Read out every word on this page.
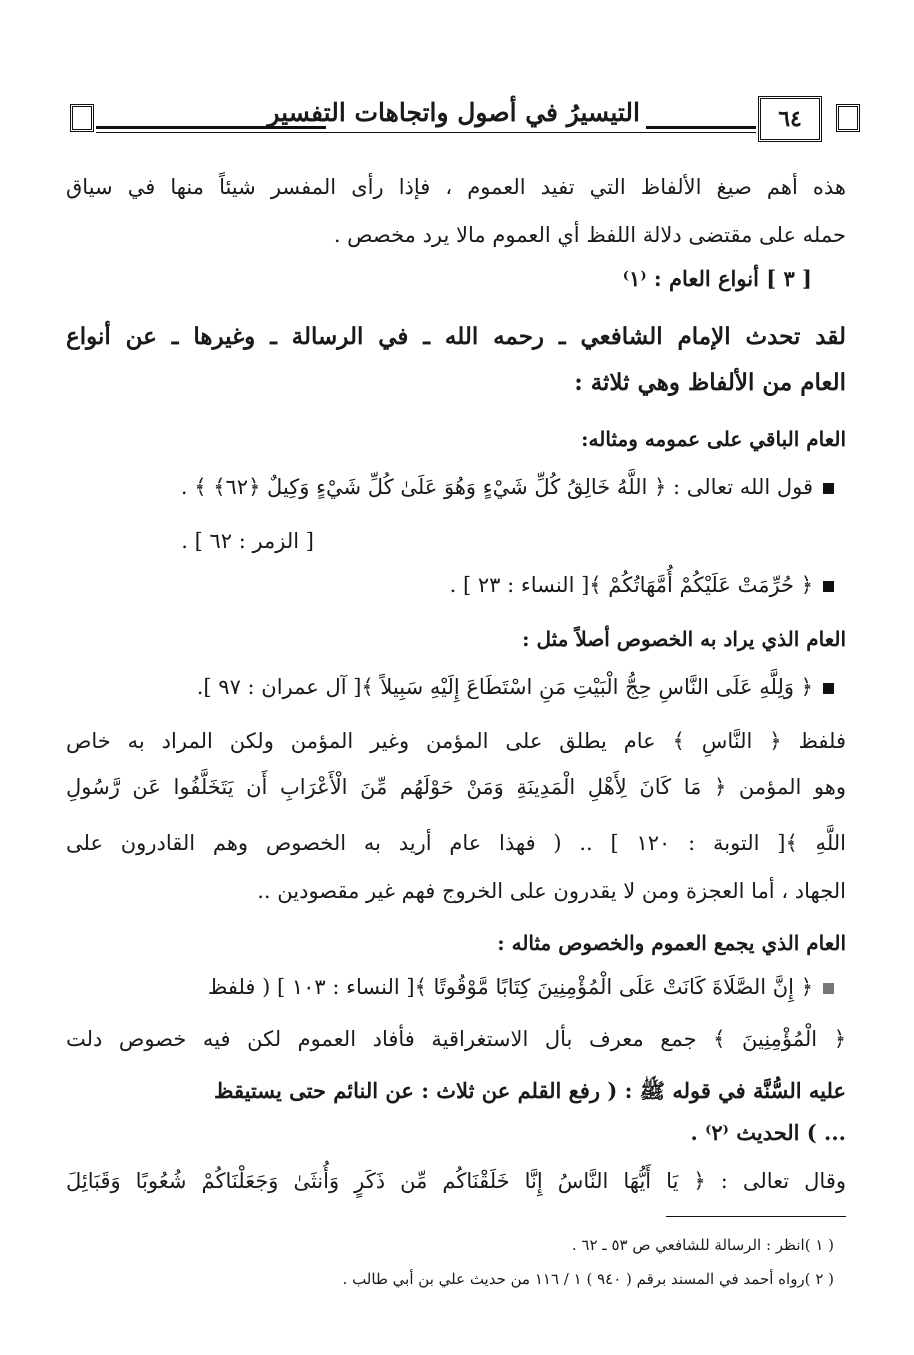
٦٤
التيسيرُ في أصول واتجاهات التفسير
هذه أهم صيغ الألفاظ التي تفيد العموم ، فإذا رأى المفسر شيئاً منها في سياق
حمله على مقتضى دلالة اللفظ أي العموم مالا يرد مخصص .
[ ٣ ] أنواع العام : ⁽١⁾
لقد تحدث الإمام الشافعي ـ رحمه الله ـ في الرسالة ـ وغيرها ـ عن أنواع
العام من الألفاظ وهي ثلاثة :
العام الباقي على عمومه ومثاله:
قول الله تعالى : ﴿ اللَّهُ خَالِقُ كُلِّ شَيْءٍ وَهُوَ عَلَىٰ كُلِّ شَيْءٍ وَكِيلٌ ﴿٦٢﴾ ﴾ .
[ الزمر : ٦٢ ] .
﴿ حُرِّمَتْ عَلَيْكُمْ أُمَّهَاتُكُمْ ﴾[ النساء : ٢٣ ] .
العام الذي يراد به الخصوص أصلاً مثل :
﴿ وَلِلَّهِ عَلَى النَّاسِ حِجُّ الْبَيْتِ مَنِ اسْتَطَاعَ إِلَيْهِ سَبِيلاً ﴾[ آل عمران : ٩٧ ].
فلفظ ﴿ النَّاسِ ﴾ عام يطلق على المؤمن وغير المؤمن ولكن المراد به خاص
وهو المؤمن ﴿ مَا كَانَ لِأَهْلِ الْمَدِينَةِ وَمَنْ حَوْلَهُم مِّنَ الْأَعْرَابِ أَن يَتَخَلَّفُوا عَن رَّسُولِ
اللَّهِ ﴾[ التوبة : ١٢٠ ] .. ( فهذا عام أريد به الخصوص وهم القادرون على
الجهاد ، أما العجزة ومن لا يقدرون على الخروج فهم غير مقصودين ..
العام الذي يجمع العموم والخصوص مثاله :
﴿ إِنَّ الصَّلَاةَ كَانَتْ عَلَى الْمُؤْمِنِينَ كِتَابًا مَّوْقُوتًا ﴾[ النساء : ١٠٣ ] ( فلفظ
﴿ الْمُؤْمِنِينَ ﴾ جمع معرف بأل الاستغراقية فأفاد العموم لكن فيه خصوص دلت
عليه السُّنَّة في قوله ﷺ : ( رفع القلم عن ثلاث : عن النائم حتى يستيقظ
... ) الحديث ⁽٢⁾ .
وقال تعالى : ﴿ يَا أَيُّهَا النَّاسُ إِنَّا خَلَقْنَاكُم مِّن ذَكَرٍ وَأُنثَىٰ وَجَعَلْنَاكُمْ شُعُوبًا وَقَبَائِلَ
( ١ )انظر : الرسالة للشافعي ص ٥٣ ـ ٦٢ .
( ٢ )رواه أحمد في المسند برقم ( ٩٤٠ ) ١ / ١١٦ من حديث علي بن أبي طالب .
